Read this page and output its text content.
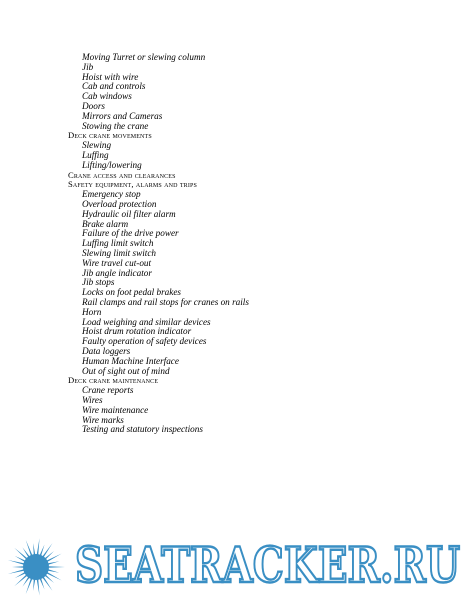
Moving Turret or slewing column
Jib
Hoist with wire
Cab and controls
Cab windows
Doors
Mirrors and Cameras
Stowing the crane
Deck crane movements
Slewing
Luffing
Lifting/lowering
Crane access and clearances
Safety equipment, alarms and trips
Emergency stop
Overload protection
Hydraulic oil filter alarm
Brake alarm
Failure of the drive power
Luffing limit switch
Slewing limit switch
Wire travel cut-out
Jib angle indicator
Jib stops
Locks on foot pedal brakes
Rail clamps and rail stops for cranes on rails
Horn
Load weighing and similar devices
Hoist drum rotation indicator
Faulty operation of safety devices
Data loggers
Human Machine Interface
Out of sight out of mind
Deck crane maintenance
Crane reports
Wires
Wire maintenance
Wire marks
Testing and statutory inspections
SEATRACKER.RU
